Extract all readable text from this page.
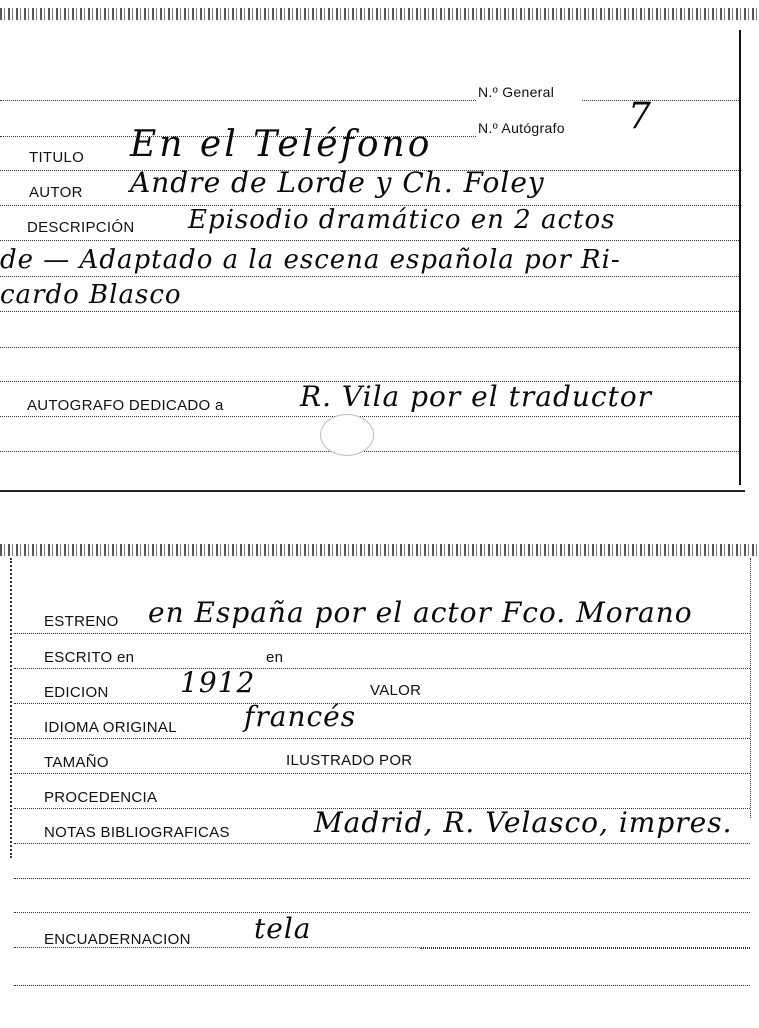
N.º General
N.º Autógrafo 7
TITULO En el Teléfono
AUTOR Andre de Lorde y Ch. Foley
DESCRIPCIÓN Episodio dramático en 2 actos
de — Adaptado a la escena española por Ri-
cardo Blasco
AUTOGRAFO DEDICADO a	R. Vila por el traductor
ESTRENO en España por el actor Fco. Morano
ESCRITO en	en
EDICION	1912	VALOR
IDIOMA ORIGINAL francés
TAMAÑO	ILUSTRADO POR
PROCEDENCIA
NOTAS BIBLIOGRAFICAS	Madrid, R. Velasco, impres.
ENCUADERNACION tela
